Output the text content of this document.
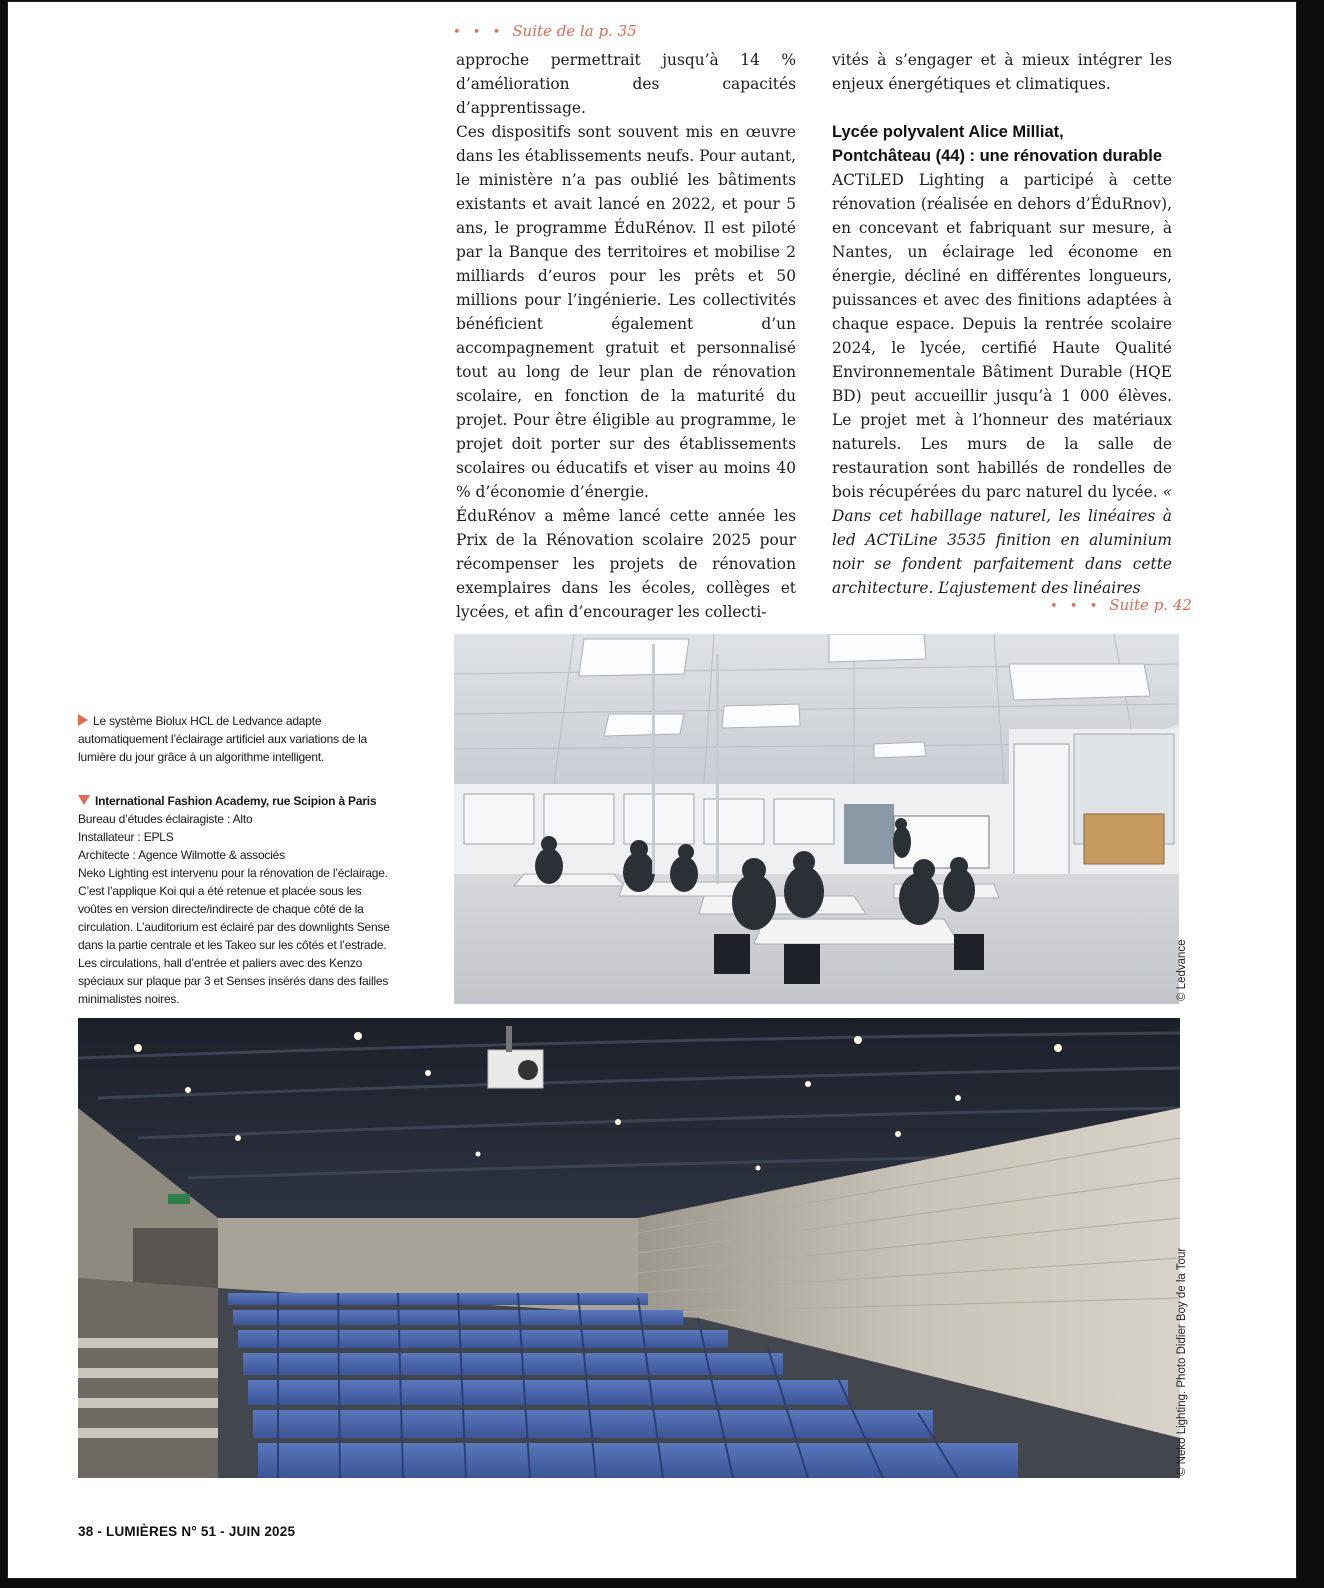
• • • Suite de la p. 35

approche permettrait jusqu’à 14 % d’amélioration des capacités d’apprentissage.

Ces dispositifs sont souvent mis en œuvre dans les établissements neufs. Pour autant, le ministère n’a pas oublié les bâtiments existants et avait lancé en 2022, et pour 5 ans, le programme ÉduRénov. Il est piloté par la Banque des territoires et mobilise 2 milliards d’euros pour les prêts et 50 millions pour l’ingénierie. Les collectivités bénéficient également d’un accompagnement gratuit et personnalisé tout au long de leur plan de rénovation scolaire, en fonction de la maturité du projet. Pour être éligible au programme, le projet doit porter sur des établissements scolaires ou éducatifs et viser au moins 40 % d’économie d’énergie.

ÉduRénov a même lancé cette année les Prix de la Rénovation scolaire 2025 pour récompenser les projets de rénovation exemplaires dans les écoles, collèges et lycées, et afin d’encourager les collecti-

vités à s’engager et à mieux intégrer les enjeux énergétiques et climatiques.

Lycée polyvalent Alice Milliat,
Pontchâteau (44) : une rénovation durable

ACTiLED Lighting a participé à cette rénovation (réalisée en dehors d’ÉduRnov), en concevant et fabriquant sur mesure, à Nantes, un éclairage led économe en énergie, décliné en différentes longueurs, puissances et avec des finitions adaptées à chaque espace. Depuis la rentrée scolaire 2024, le lycée, certifié Haute Qualité Environnementale Bâtiment Durable (HQE BD) peut accueillir jusqu’à 1 000 élèves. Le projet met à l’honneur des matériaux naturels. Les murs de la salle de restauration sont habillés de rondelles de bois récupérées du parc naturel du lycée. « Dans cet habillage naturel, les linéaires à led ACTiLine 3535 finition en aluminium noir se fondent parfaitement dans cette architecture. L’ajustement des linéaires

• • • Suite p. 42
Le système Biolux HCL de Ledvance adapte automatiquement l’éclairage artificiel aux variations de la lumière du jour grâce à un algorithme intelligent.
International Fashion Academy, rue Scipion à Paris
Bureau d’études éclairagiste : Alto
Installateur : EPLS
Architecte : Agence Wilmotte & associés
Neko Lighting est intervenu pour la rénovation de l’éclairage. C’est l’applique Koi qui a été retenue et placée sous les voûtes en version directe/indirecte de chaque côté de la circulation. L’auditorium est éclairé par des downlights Sense dans la partie centrale et les Takeo sur les côtés et l’estrade. Les circulations, hall d’entrée et paliers avec des Kenzo spéciaux sur plaque par 3 et Senses insérés dans des failles minimalistes noires.	© Ledvance
© Neko Lighting. Photo Didier Boy de la Tour
38 - LUMIÈRES N° 51 - JUIN 2025
